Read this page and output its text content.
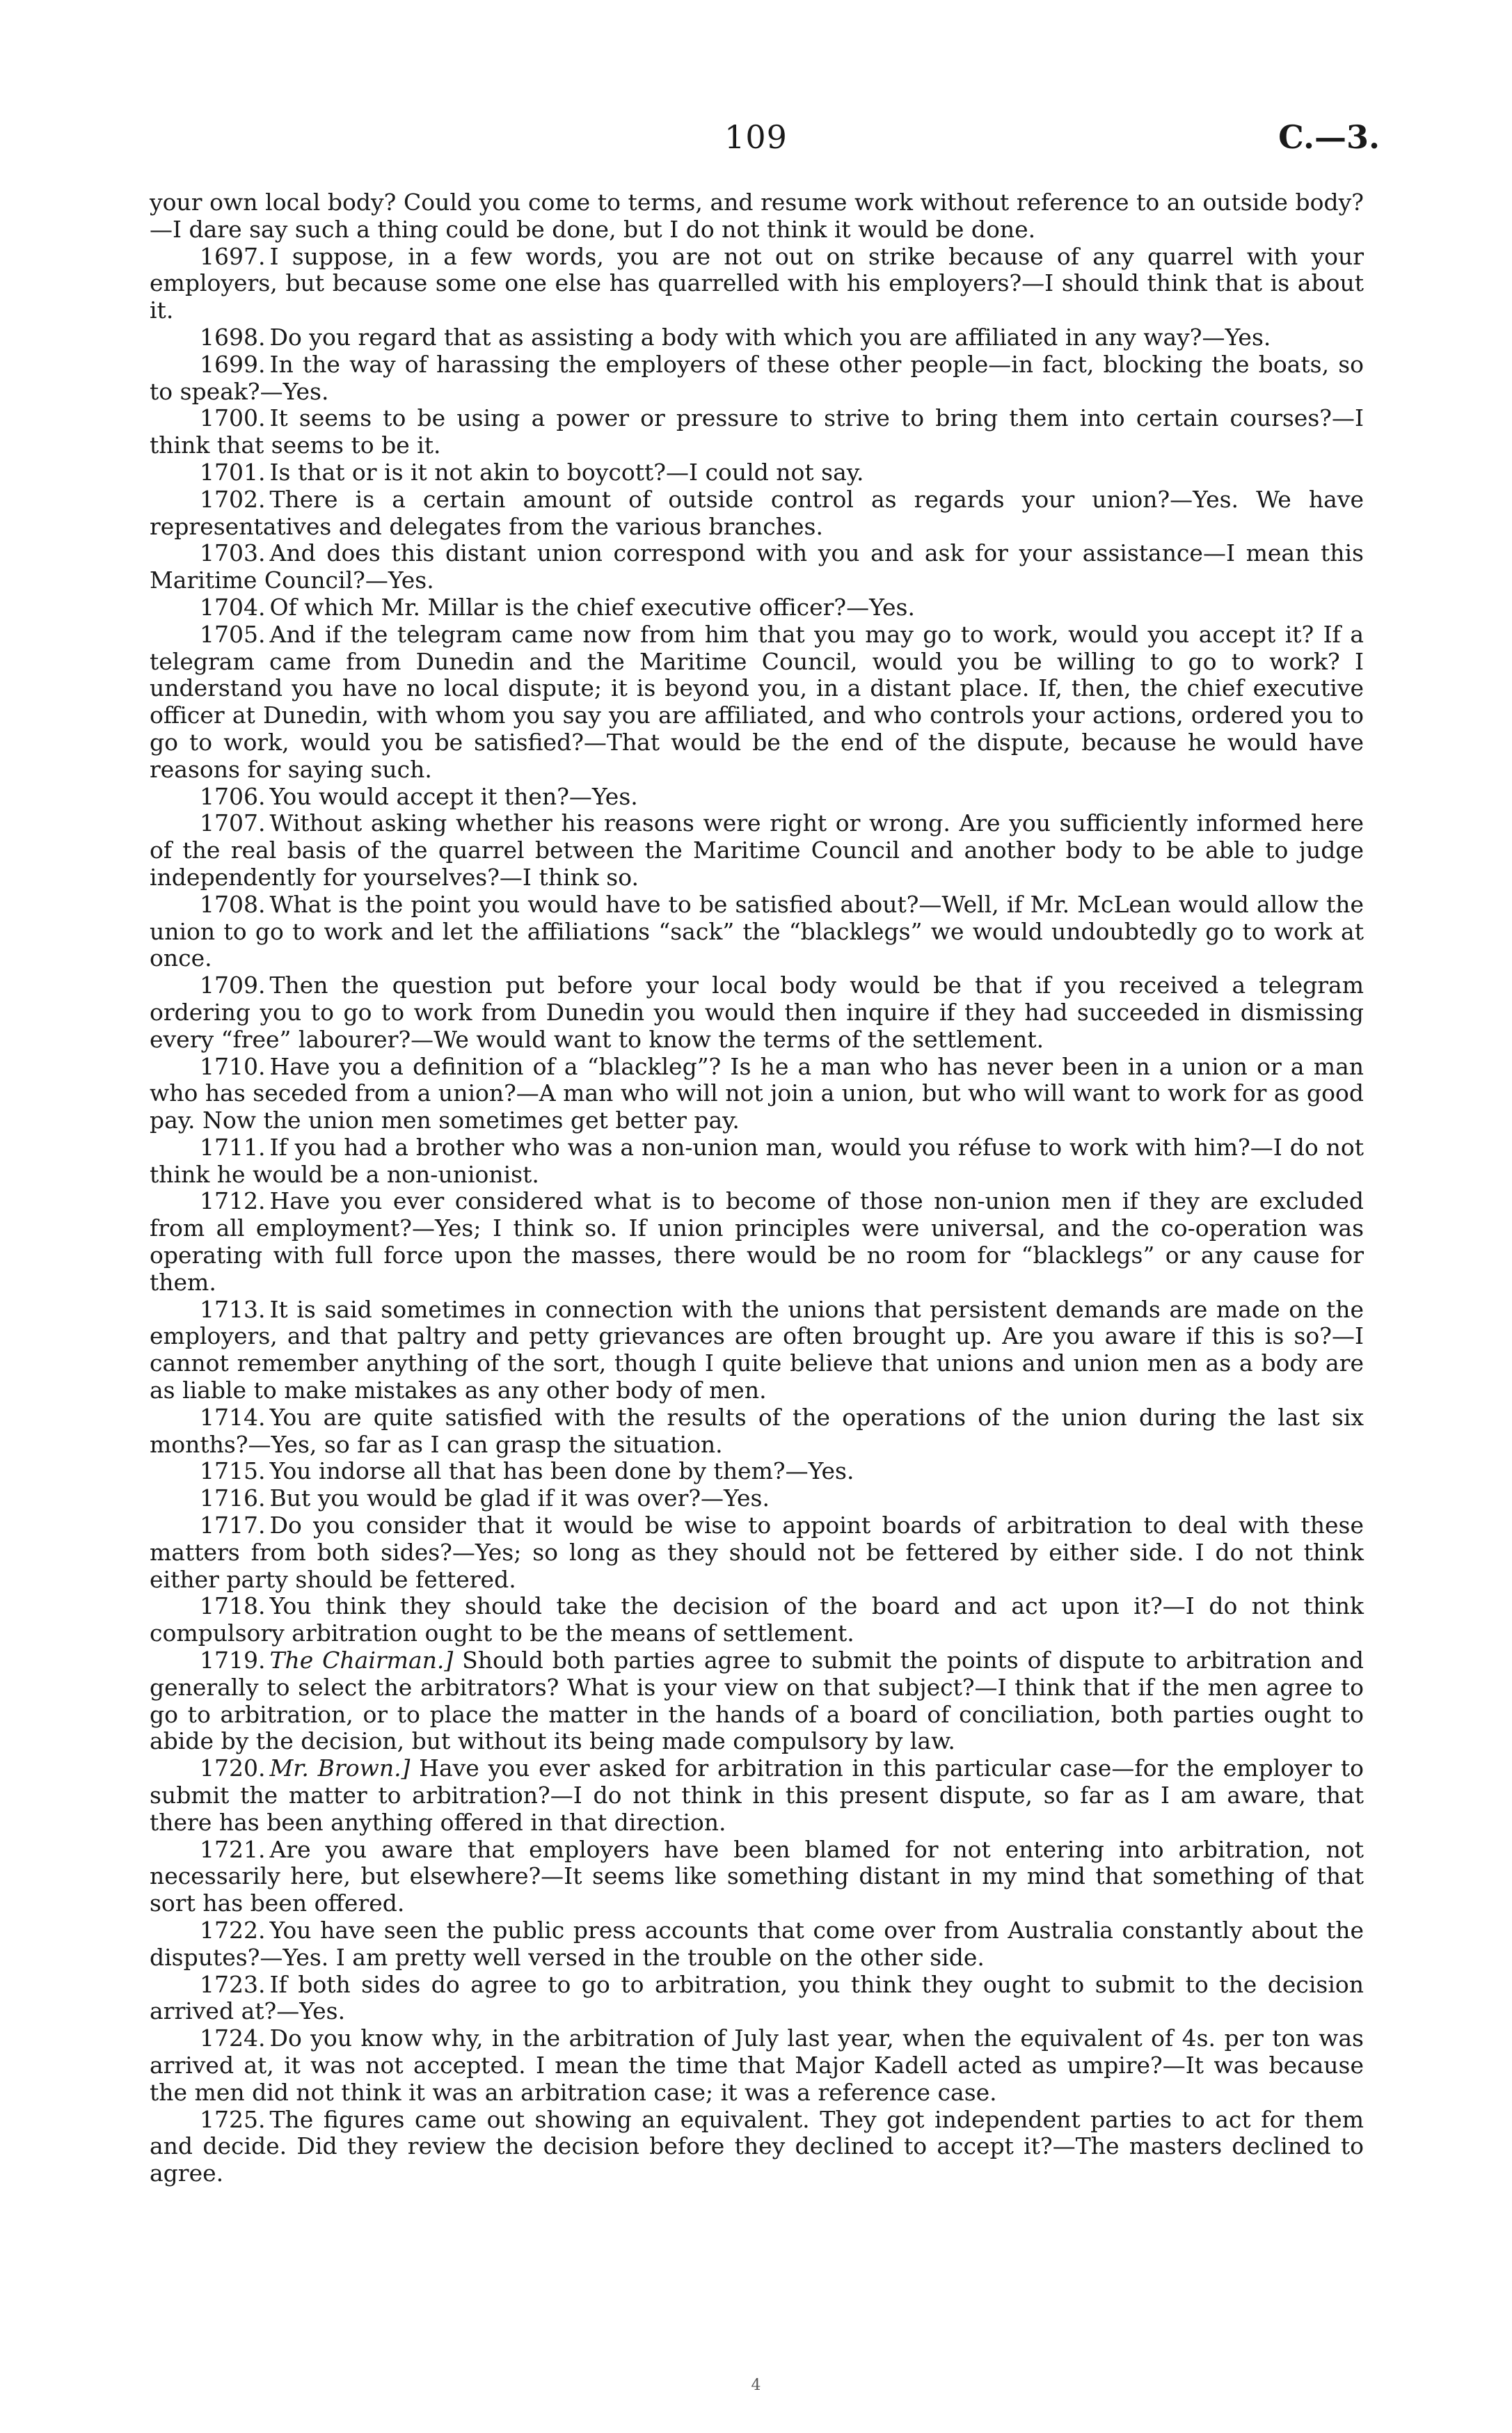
109	C.—3.

your own local body? Could you come to terms, and resume work without reference to an outside body?—I dare say such a thing could be done, but I do not think it would be done.

1697. I suppose, in a few words, you are not out on strike because of any quarrel with your employers, but because some one else has quarrelled with his employers?—I should think that is about it.

1698. Do you regard that as assisting a body with which you are affiliated in any way?—Yes.

1699. In the way of harassing the employers of these other people—in fact, blocking the boats, so to speak?—Yes.

1700. It seems to be using a power or pressure to strive to bring them into certain courses?—I think that seems to be it.

1701. Is that or is it not akin to boycott?—I could not say.

1702. There is a certain amount of outside control as regards your union?—Yes. We have representatives and delegates from the various branches.

1703. And does this distant union correspond with you and ask for your assistance—I mean this Maritime Council?—Yes.

1704. Of which Mr. Millar is the chief executive officer?—Yes.

1705. And if the telegram came now from him that you may go to work, would you accept it? If a telegram came from Dunedin and the Maritime Council, would you be willing to go to work? I understand you have no local dispute; it is beyond you, in a distant place. If, then, the chief executive officer at Dunedin, with whom you say you are affiliated, and who controls your actions, ordered you to go to work, would you be satisfied?—That would be the end of the dispute, because he would have reasons for saying such.

1706. You would accept it then?—Yes.

1707. Without asking whether his reasons were right or wrong. Are you sufficiently informed here of the real basis of the quarrel between the Maritime Council and another body to be able to judge independently for yourselves?—I think so.

1708. What is the point you would have to be satisfied about?—Well, if Mr. McLean would allow the union to go to work and let the affiliations “sack” the “blacklegs” we would undoubtedly go to work at once.

1709. Then the question put before your local body would be that if you received a telegram ordering you to go to work from Dunedin you would then inquire if they had succeeded in dismissing every “free” labourer?—We would want to know the terms of the settlement.

1710. Have you a definition of a “blackleg”? Is he a man who has never been in a union or a man who has seceded from a union?—A man who will not join a union, but who will want to work for as good pay. Now the union men sometimes get better pay.

1711. If you had a brother who was a non-union man, would you réfuse to work with him?—I do not think he would be a non-unionist.

1712. Have you ever considered what is to become of those non-union men if they are excluded from all employment?—Yes; I think so. If union principles were universal, and the co-operation was operating with full force upon the masses, there would be no room for “blacklegs” or any cause for them.

1713. It is said sometimes in connection with the unions that persistent demands are made on the employers, and that paltry and petty grievances are often brought up. Are you aware if this is so?—I cannot remember anything of the sort, though I quite believe that unions and union men as a body are as liable to make mistakes as any other body of men.

1714. You are quite satisfied with the results of the operations of the union during the last six months?—Yes, so far as I can grasp the situation.

1715. You indorse all that has been done by them?—Yes.

1716. But you would be glad if it was over?—Yes.

1717. Do you consider that it would be wise to appoint boards of arbitration to deal with these matters from both sides?—Yes; so long as they should not be fettered by either side. I do not think either party should be fettered.

1718. You think they should take the decision of the board and act upon it?—I do not think compulsory arbitration ought to be the means of settlement.

1719. The Chairman.] Should both parties agree to submit the points of dispute to arbitration and generally to select the arbitrators? What is your view on that subject?—I think that if the men agree to go to arbitration, or to place the matter in the hands of a board of conciliation, both parties ought to abide by the decision, but without its being made compulsory by law.

1720. Mr. Brown.] Have you ever asked for arbitration in this particular case—for the employer to submit the matter to arbitration?—I do not think in this present dispute, so far as I am aware, that there has been anything offered in that direction.

1721. Are you aware that employers have been blamed for not entering into arbitration, not necessarily here, but elsewhere?—It seems like something distant in my mind that something of that sort has been offered.

1722. You have seen the public press accounts that come over from Australia constantly about the disputes?—Yes. I am pretty well versed in the trouble on the other side.

1723. If both sides do agree to go to arbitration, you think they ought to submit to the decision arrived at?—Yes.

1724. Do you know why, in the arbitration of July last year, when the equivalent of 4s. per ton was arrived at, it was not accepted. I mean the time that Major Kadell acted as umpire?—It was because the men did not think it was an arbitration case; it was a reference case.

1725. The figures came out showing an equivalent. They got independent parties to act for them and decide. Did they review the decision before they declined to accept it?—The masters declined to agree.

4
